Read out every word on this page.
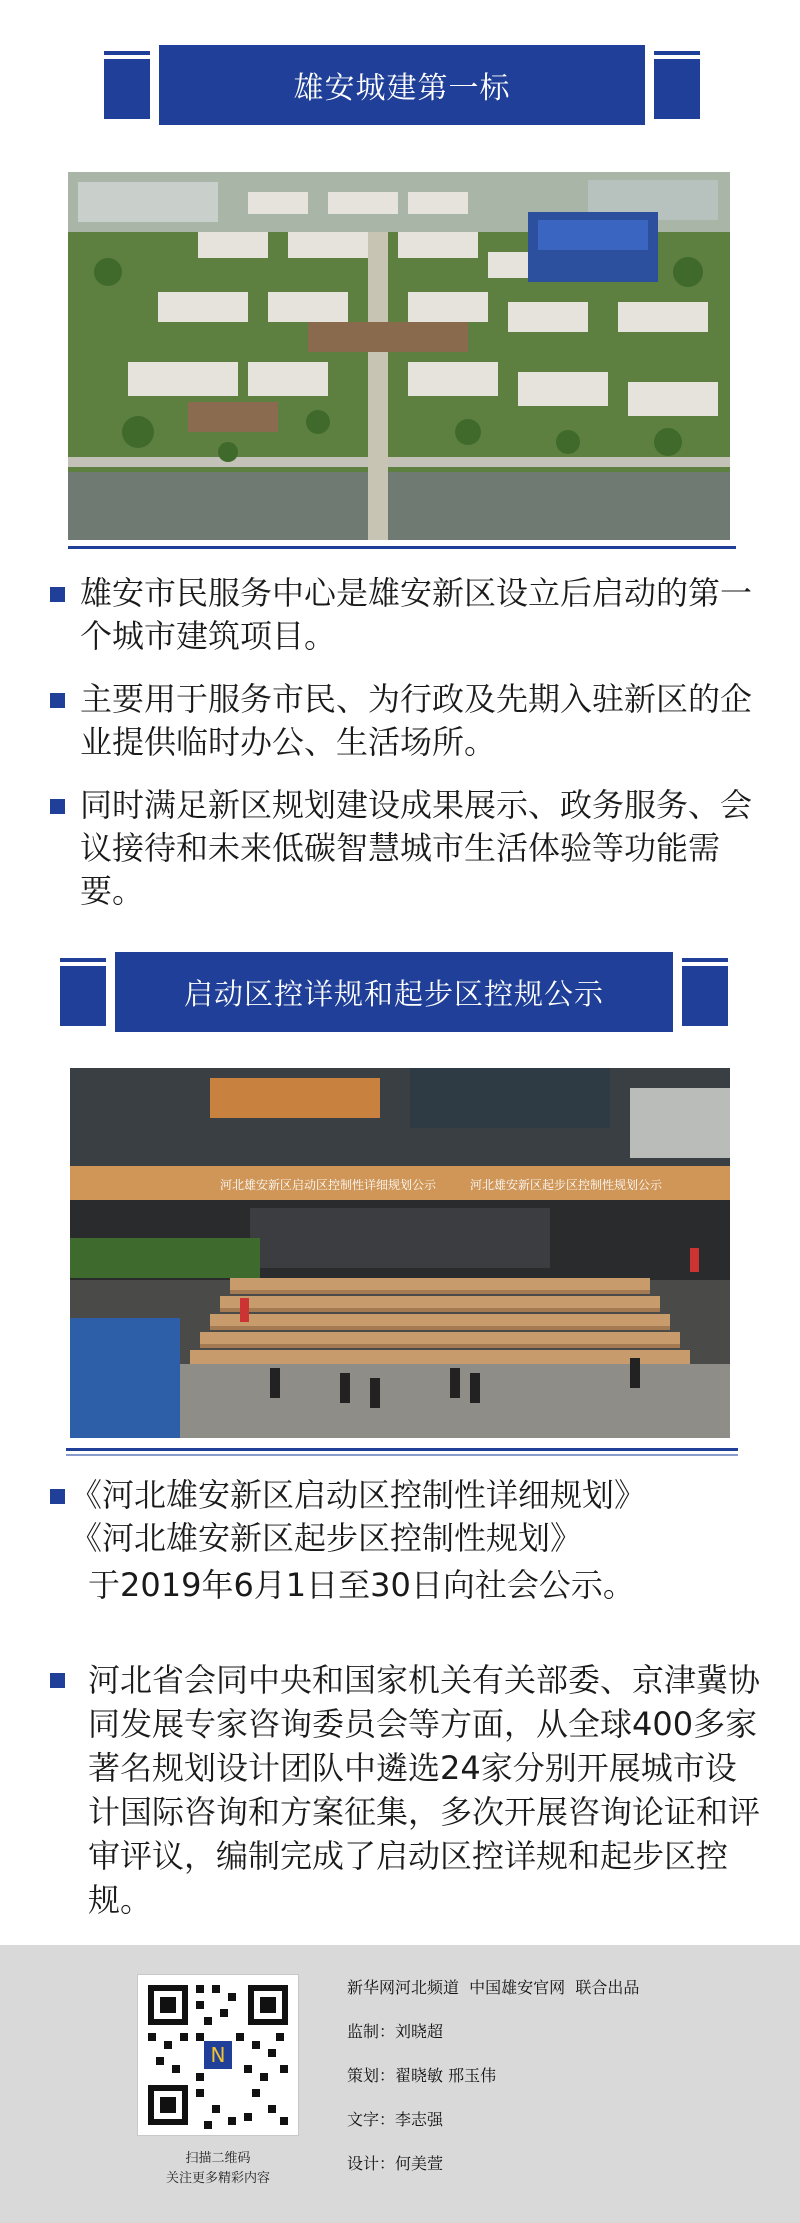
雄安城建第一标

雄安市民服务中心是雄安新区设立后启动的第一个城市建筑项目。

主要用于服务市民、为行政及先期入驻新区的企业提供临时办公、生活场所。

同时满足新区规划建设成果展示、政务服务、会议接待和未来低碳智慧城市生活体验等功能需要。

启动区控详规和起步区控规公示
河北雄安新区启动区控制性详细规划公示	河北雄安新区起步区控制性规划公示
《河北雄安新区启动区控制性详细规划》
《河北雄安新区起步区控制性规划》
于2019年6月1日至30日向社会公示。

河北省会同中央和国家机关有关部委、京津冀协同发展专家咨询委员会等方面，从全球400多家著名规划设计团队中遴选24家分别开展城市设计国际咨询和方案征集，多次开展咨询论证和评审评议，编制完成了启动区控详规和起步区控规。

N
扫描二维码
关注更多精彩内容
新华网河北频道  中国雄安官网  联合出品
监制：刘晓超
策划：翟晓敏 邢玉伟
文字：李志强
设计：何美萱
